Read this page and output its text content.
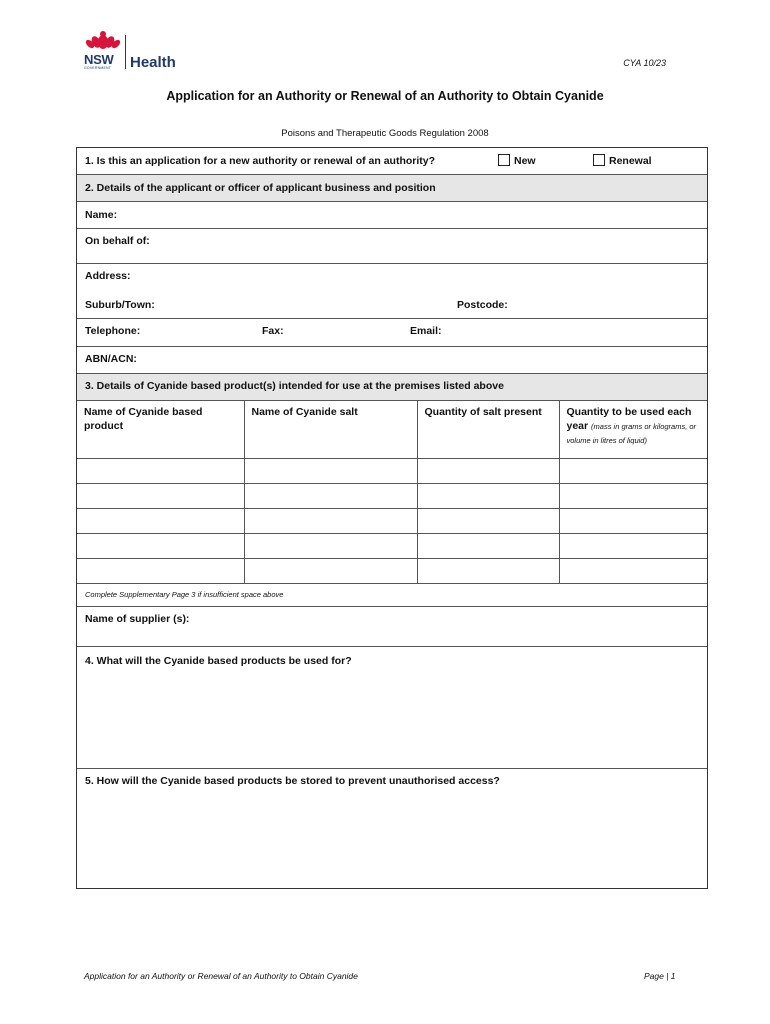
NSW
GOVERNMENT Health	CYA 10/23
Application for an Authority or Renewal of an Authority to Obtain Cyanide
Poisons and Therapeutic Goods Regulation 2008
1. Is this an application for a new authority or renewal of an authority?	New	Renewal
2. Details of the applicant or officer of applicant business and position
Name:
On behalf of:
Address:
Suburb/Town:	Postcode:
Telephone:	Fax:	Email:
ABN/ACN:
3. Details of Cyanide based product(s) intended for use at the premises listed above
Name of Cyanide based product	Name of Cyanide salt	Quantity of salt present	Quantity to be used each year (mass in grams or kilograms, or volume in litres of liquid)

Complete Supplementary Page 3 if insufficient space above
Name of supplier (s):
4. What will the Cyanide based products be used for?
5. How will the Cyanide based products be stored to prevent unauthorised access?
Application for an Authority or Renewal of an Authority to Obtain Cyanide	Page | 1
